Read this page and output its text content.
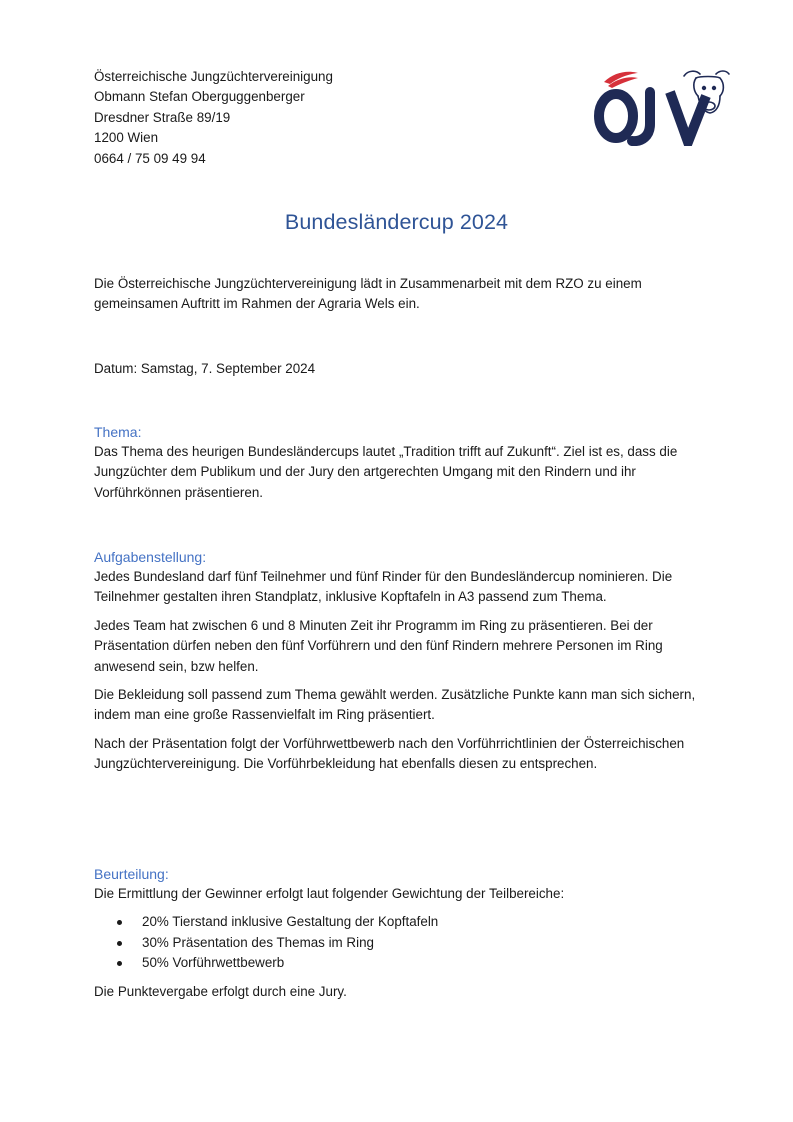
Österreichische Jungzüchtervereinigung
Obmann Stefan Oberguggenberger
Dresdner Straße 89/19
1200 Wien
0664 / 75 09 49 94
Bundesländercup 2024

Die Österreichische Jungzüchtervereinigung lädt in Zusammenarbeit mit dem RZO zu einem gemeinsamen Auftritt im Rahmen der Agraria Wels ein.

Datum: Samstag, 7. September 2024

Thema:

Das Thema des heurigen Bundesländercups lautet „Tradition trifft auf Zukunft“. Ziel ist es, dass die Jungzüchter dem Publikum und der Jury den artgerechten Umgang mit den Rindern und ihr Vorführkönnen präsentieren.

Aufgabenstellung:

Jedes Bundesland darf fünf Teilnehmer und fünf Rinder für den Bundesländercup nominieren. Die Teilnehmer gestalten ihren Standplatz, inklusive Kopftafeln in A3 passend zum Thema.

Jedes Team hat zwischen 6 und 8 Minuten Zeit ihr Programm im Ring zu präsentieren. Bei der Präsentation dürfen neben den fünf Vorführern und den fünf Rindern mehrere Personen im Ring anwesend sein, bzw helfen.

Die Bekleidung soll passend zum Thema gewählt werden. Zusätzliche Punkte kann man sich sichern, indem man eine große Rassenvielfalt im Ring präsentiert.

Nach der Präsentation folgt der Vorführwettbewerb nach den Vorführrichtlinien der Österreichischen Jungzüchtervereinigung. Die Vorführbekleidung hat ebenfalls diesen zu entsprechen.

Beurteilung:

Die Ermittlung der Gewinner erfolgt laut folgender Gewichtung der Teilbereiche:

20% Tierstand inklusive Gestaltung der Kopftafeln
30% Präsentation des Themas im Ring
50% Vorführwettbewerb

Die Punktevergabe erfolgt durch eine Jury.
